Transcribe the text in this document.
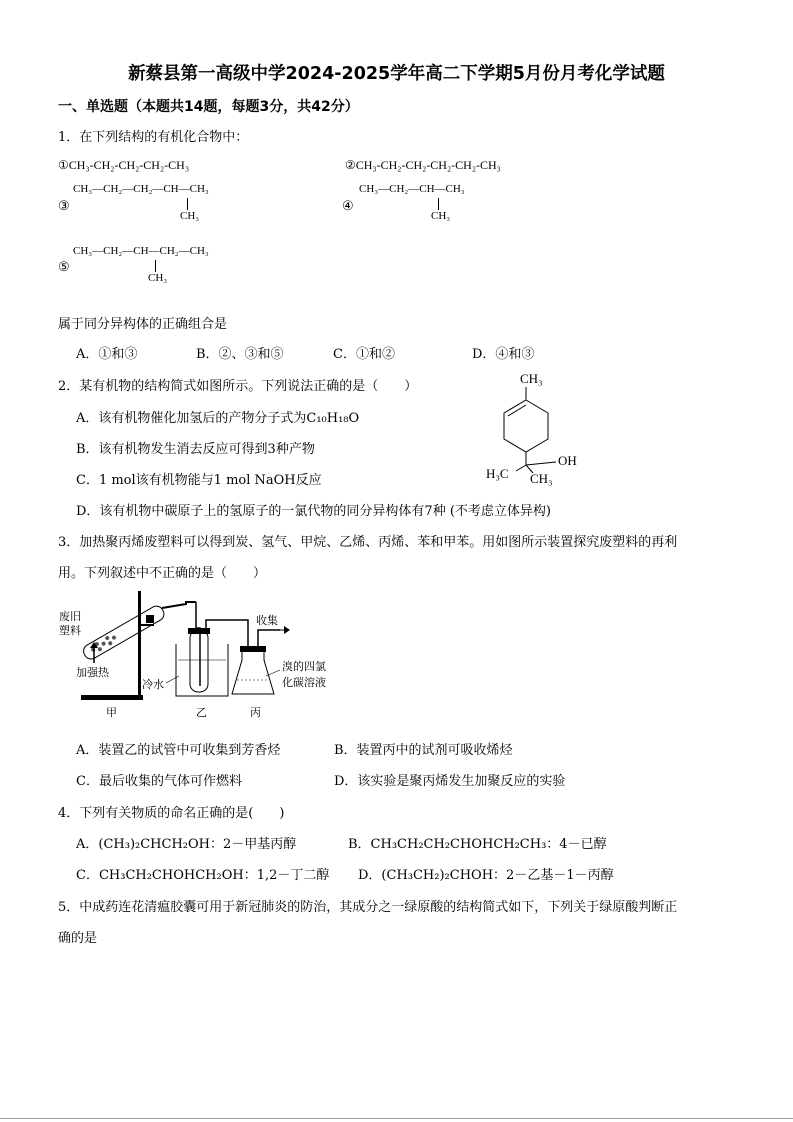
新蔡县第一高级中学2024-2025学年高二下学期5月份月考化学试题
一、单选题（本题共14题，每题3分，共42分）
1．在下列结构的有机化合物中：
①CH₃-CH₂-CH₂-CH₂-CH₃	②CH₃-CH₂-CH₂-CH₂-CH₂-CH₃
③
CH₃—CH₂—CH₂—CH—CH₃
CH₃
④
CH₃—CH₂—CH—CH₃
CH₃
⑤
CH₃—CH₂—CH—CH₂—CH₃
CH₃
属于同分异构体的正确组合是
A．①和③	B．②、③和⑤	C．①和②	D．④和③
2．某有机物的结构简式如图所示。下列说法正确的是（　　）
A．该有机物催化加氢后的产物分子式为C₁₀H₁₈O
B．该有机物发生消去反应可得到3种产物
C．1 mol该有机物能与1 mol NaOH反应
D．该有机物中碳原子上的氢原子的一氯代物的同分异构体有7种 (不考虑立体异构)
CH₃
OH
H₃C CH₃
3．加热聚丙烯废塑料可以得到炭、氢气、甲烷、乙烯、丙烯、苯和甲苯。用如图所示装置探究废塑料的再利
用。下列叙述中不正确的是（　　）
废旧
塑料
加强热
冷水
收集
溴的四氯
化碳溶液
甲	乙	丙
A．装置乙的试管中可收集到芳香烃	B．装置丙中的试剂可吸收烯烃
C．最后收集的气体可作燃料	D．该实验是聚丙烯发生加聚反应的实验
4．下列有关物质的命名正确的是(　　)
A．(CH₃)₂CHCH₂OH：2－甲基丙醇	B．CH₃CH₂CH₂CHOHCH₂CH₃：4－已醇
C．CH₃CH₂CHOHCH₂OH：1,2－丁二醇 D．(CH₃CH₂)₂CHOH：2－乙基－1－丙醇
5．中成药连花清瘟胶囊可用于新冠肺炎的防治，其成分之一绿原酸的结构简式如下，下列关于绿原酸判断正
确的是
